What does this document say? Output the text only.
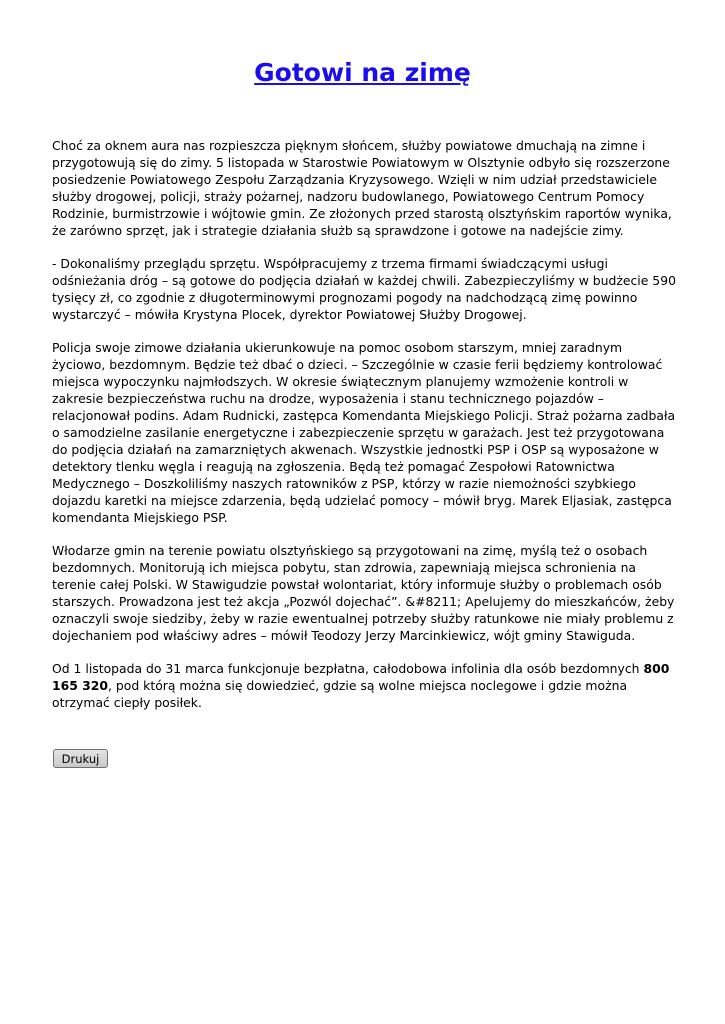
Gotowi na zimę

Choć za oknem aura nas rozpieszcza pięknym słońcem, służby powiatowe dmuchają na zimne i przygotowują się do zimy. 5 listopada w Starostwie Powiatowym w Olsztynie odbyło się rozszerzone posiedzenie Powiatowego Zespołu Zarządzania Kryzysowego. Wzięli w nim udział przedstawiciele służby drogowej, policji, straży pożarnej, nadzoru budowlanego, Powiatowego Centrum Pomocy Rodzinie, burmistrzowie i wójtowie gmin. Ze złożonych przed starostą olsztyńskim raportów wynika, że zarówno sprzęt, jak i strategie działania służb są sprawdzone i gotowe na nadejście zimy.

- Dokonaliśmy przeglądu sprzętu. Współpracujemy z trzema firmami świadczącymi usługi odśnieżania dróg – są gotowe do podjęcia działań w każdej chwili. Zabezpieczyliśmy w budżecie 590 tysięcy zł, co zgodnie z długoterminowymi prognozami pogody na nadchodzącą zimę powinno wystarczyć – mówiła Krystyna Plocek, dyrektor Powiatowej Służby Drogowej.

Policja swoje zimowe działania ukierunkowuje na pomoc osobom starszym, mniej zaradnym życiowo, bezdomnym. Będzie też dbać o dzieci. – Szczególnie w czasie ferii będziemy kontrolować miejsca wypoczynku najmłodszych. W okresie świątecznym planujemy wzmożenie kontroli w zakresie bezpieczeństwa ruchu na drodze, wyposażenia i stanu technicznego pojazdów – relacjonował podins. Adam Rudnicki, zastępca Komendanta Miejskiego Policji. Straż pożarna zadbała o samodzielne zasilanie energetyczne i zabezpieczenie sprzętu w garażach. Jest też przygotowana do podjęcia działań na zamarzniętych akwenach. Wszystkie jednostki PSP i OSP są wyposażone w detektory tlenku węgla i reagują na zgłoszenia. Będą też pomagać Zespołowi Ratownictwa Medycznego – Doszkoliliśmy naszych ratowników z PSP, którzy w razie niemożności szybkiego dojazdu karetki na miejsce zdarzenia, będą udzielać pomocy – mówił bryg. Marek Eljasiak, zastępca komendanta Miejskiego PSP.

Włodarze gmin na terenie powiatu olsztyńskiego są przygotowani na zimę, myślą też o osobach bezdomnych. Monitorują ich miejsca pobytu, stan zdrowia, zapewniają miejsca schronienia na terenie całej Polski. W Stawigudzie powstał wolontariat, który informuje służby o problemach osób starszych. Prowadzona jest też akcja „Pozwól dojechać”. &#8211; Apelujemy do mieszkańców, żeby oznaczyli swoje siedziby, żeby w razie ewentualnej potrzeby służby ratunkowe nie miały problemu z dojechaniem pod właściwy adres – mówił Teodozy Jerzy Marcinkiewicz, wójt gminy Stawiguda.

Od 1 listopada do 31 marca funkcjonuje bezpłatna, całodobowa infolinia dla osób bezdomnych 800 165 320, pod którą można się dowiedzieć, gdzie są wolne miejsca noclegowe i gdzie można otrzymać ciepły posiłek.

Drukuj
